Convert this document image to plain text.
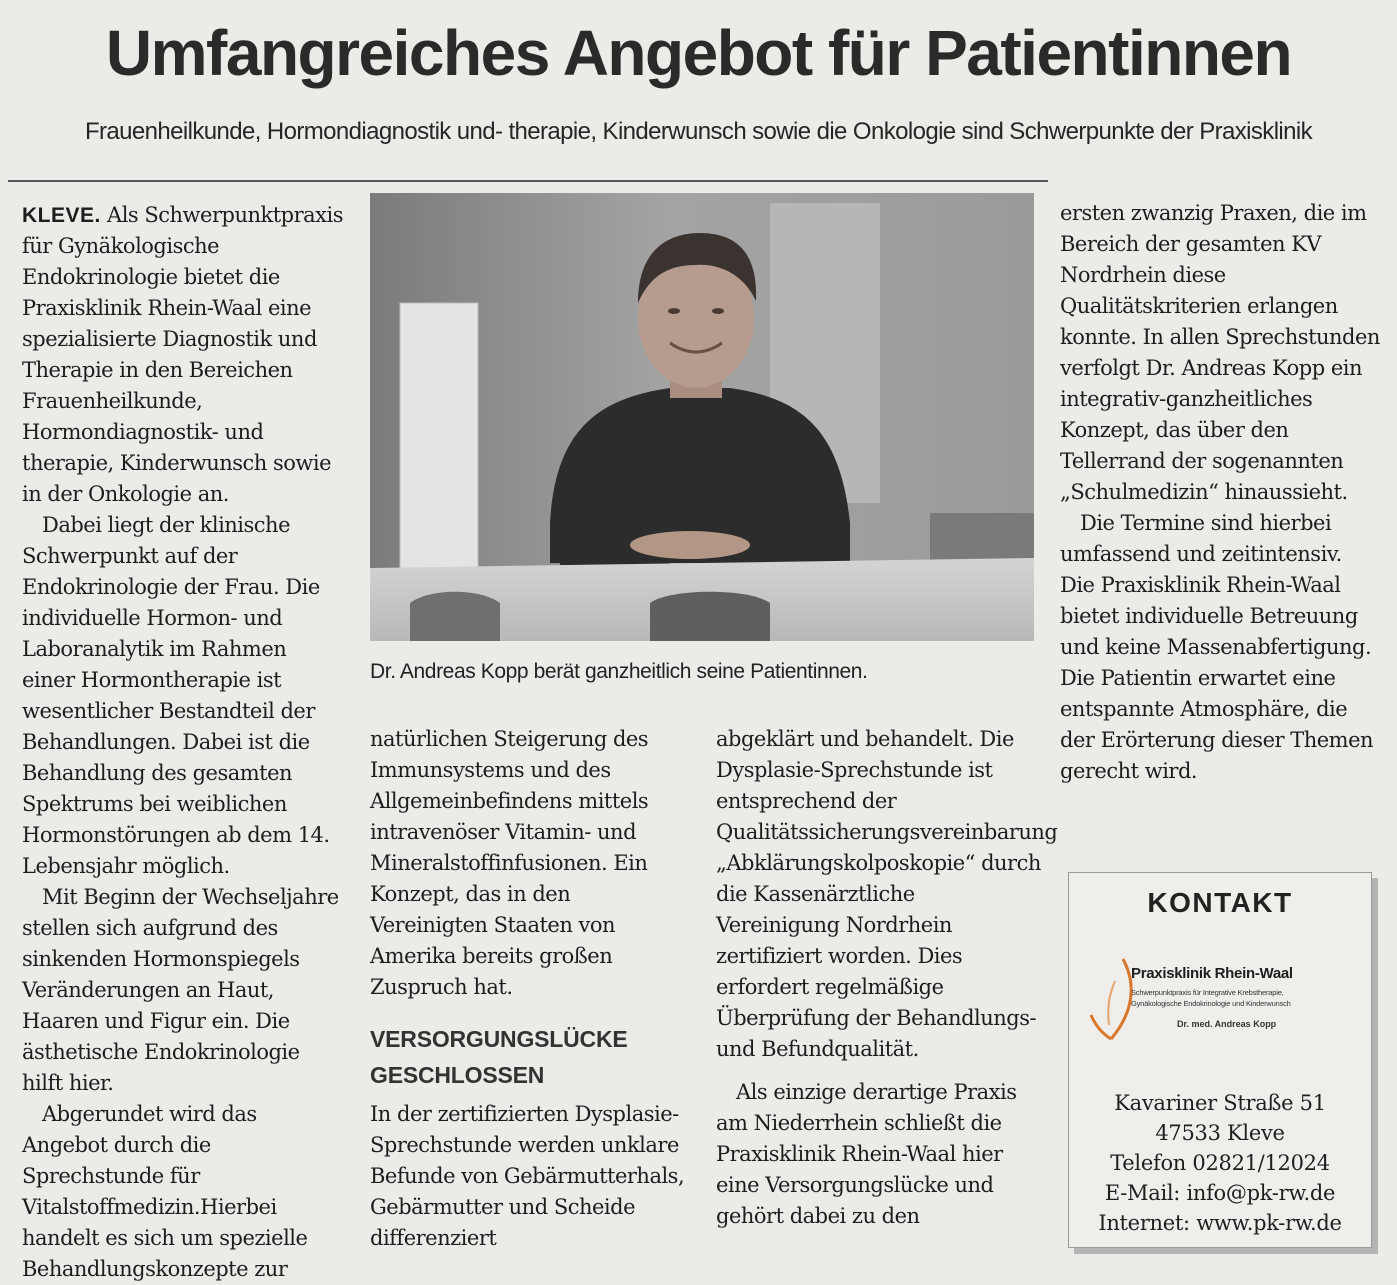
Umfangreiches Angebot für Patientinnen

Frauenheilkunde, Hormondiagnostik und- therapie, Kinderwunsch sowie die Onkologie sind Schwerpunkte der Praxisklinik

KLEVE. Als Schwerpunktpraxis für Gynäkologische Endokrinologie bietet die Praxisklinik Rhein-Waal eine spezialisierte Diagnostik und Therapie in den Bereichen Frauenheilkunde, Hormondiagnostik- und therapie, Kinderwunsch sowie in der Onkologie an.

Dabei liegt der klinische Schwerpunkt auf der Endokrinologie der Frau. Die individuelle Hormon- und Laboranalytik im Rahmen einer Hormontherapie ist wesentlicher Bestandteil der Behandlungen. Dabei ist die Behandlung des gesamten Spektrums bei weiblichen Hormonstörungen ab dem 14. Lebensjahr möglich.

Mit Beginn der Wechseljahre stellen sich aufgrund des sinkenden Hormonspiegels Veränderungen an Haut, Haaren und Figur ein. Die ästhetische Endokrinologie hilft hier.

Abgerundet wird das Angebot durch die Sprechstunde für Vitalstoffmedizin.Hierbei handelt es sich um spezielle Behandlungskonzepte zur

Dr. Andreas Kopp berät ganzheitlich seine Patientinnen.

natürlichen Steigerung des Immunsystems und des Allgemeinbefindens mittels intravenöser Vitamin- und Mineralstoffinfusionen. Ein Konzept, das in den Vereinigten Staaten von Amerika bereits großen Zuspruch hat.

VERSORGUNGSLÜCKE
GESCHLOSSEN

In der zertifizierten Dysplasie-Sprechstunde werden unklare Befunde von Gebärmutterhals, Gebärmutter und Scheide differenziert

abgeklärt und behandelt. Die Dysplasie-Sprechstunde ist entsprechend der Qualitätssicherungsvereinbarung „Abklärungskolposkopie“ durch die Kassenärztliche Vereinigung Nordrhein zertifiziert worden. Dies erfordert regelmäßige Überprüfung der Behandlungs- und Befundqualität.

Als einzige derartige Praxis am Niederrhein schließt die Praxisklinik Rhein-Waal hier eine Versorgungslücke und gehört dabei zu den

ersten zwanzig Praxen, die im Bereich der gesamten KV Nordrhein diese Qualitätskriterien erlangen konnte. In allen Sprechstunden verfolgt Dr. Andreas Kopp ein integrativ-ganzheitliches Konzept, das über den Tellerrand der sogenannten „Schulmedizin“ hinaussieht.

Die Termine sind hierbei umfassend und zeitintensiv. Die Praxisklinik Rhein-Waal bietet individuelle Betreuung und keine Massenabfertigung. Die Patientin erwartet eine entspannte Atmosphäre, die der Erörterung dieser Themen gerecht wird.

KONTAKT
Praxisklinik Rhein-Waal
Schwerpunktpraxis für Integrative Krebstherapie,
Gynäkologische Endokrinologie und Kinderwunsch
Dr. med. Andreas Kopp
Kavariner Straße 51
47533 Kleve
Telefon 02821/12024
E-Mail: info@pk-rw.de
Internet: www.pk-rw.de
